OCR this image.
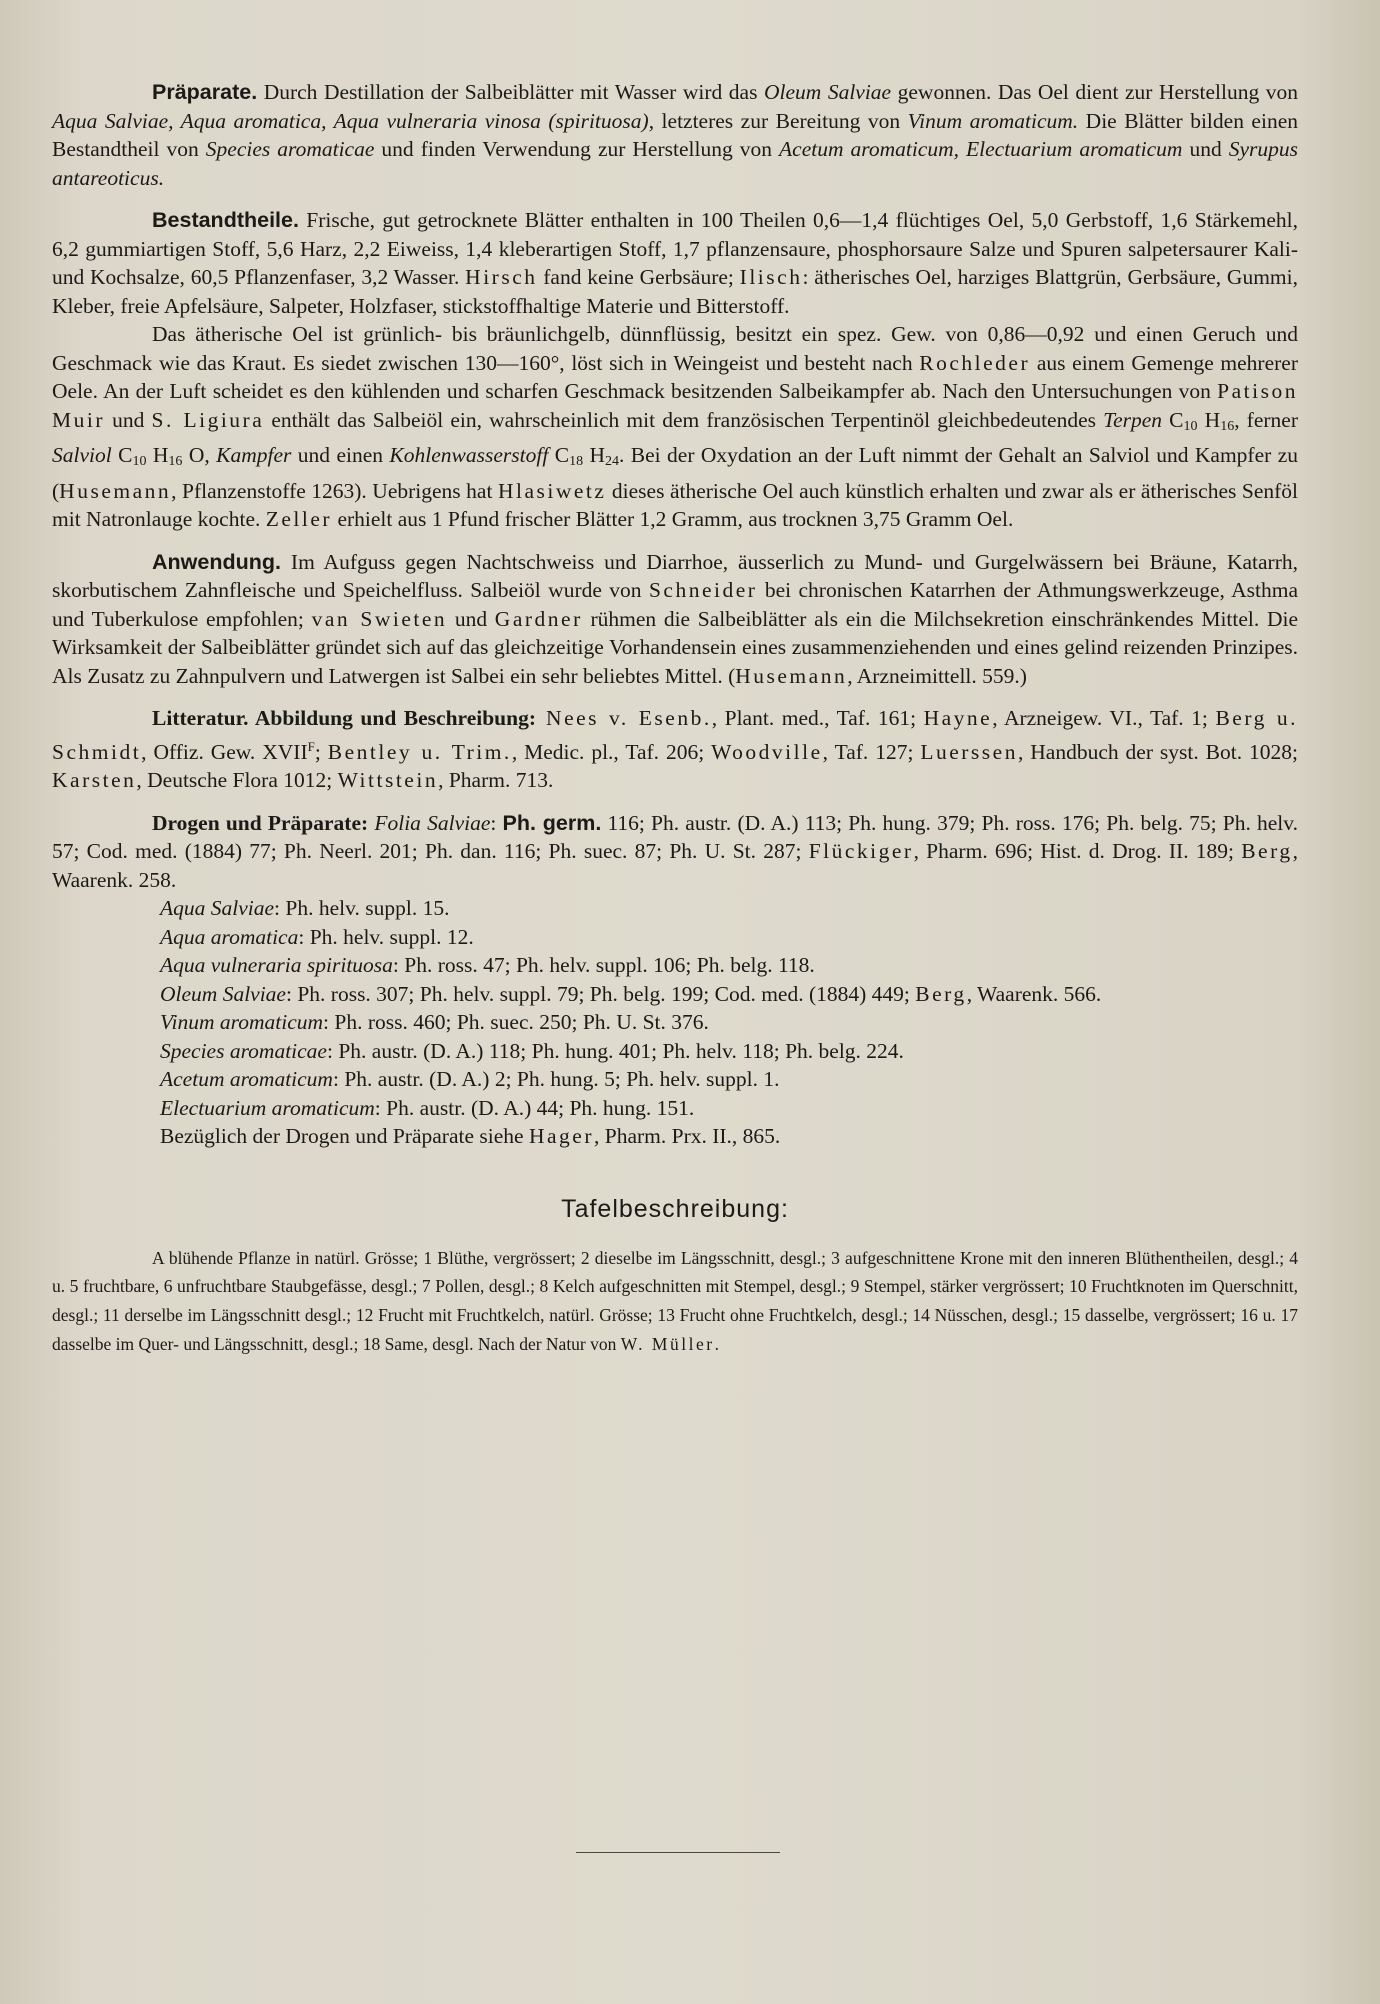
Präparate. Durch Destillation der Salbeiblätter mit Wasser wird das Oleum Salviae gewonnen. Das Oel dient zur Herstellung von Aqua Salviae, Aqua aromatica, Aqua vulneraria vinosa (spirituosa), letzteres zur Bereitung von Vinum aromaticum. Die Blätter bilden einen Bestandtheil von Species aromaticae und finden Verwendung zur Herstellung von Acetum aromaticum, Electuarium aromaticum und Syrupus antareoticus.

Bestandtheile. Frische, gut getrocknete Blätter enthalten in 100 Theilen 0,6—1,4 flüchtiges Oel, 5,0 Gerbstoff, 1,6 Stärkemehl, 6,2 gummiartigen Stoff, 5,6 Harz, 2,2 Eiweiss, 1,4 kleberartigen Stoff, 1,7 pflanzensaure, phosphorsaure Salze und Spuren salpetersaurer Kali- und Kochsalze, 60,5 Pflanzenfaser, 3,2 Wasser. Hirsch fand keine Gerbsäure; Ilisch: ätherisches Oel, harziges Blattgrün, Gerbsäure, Gummi, Kleber, freie Apfelsäure, Salpeter, Holzfaser, stickstoffhaltige Materie und Bitterstoff.

Das ätherische Oel ist grünlich- bis bräunlichgelb, dünnflüssig, besitzt ein spez. Gew. von 0,86—0,92 und einen Geruch und Geschmack wie das Kraut. Es siedet zwischen 130—160°, löst sich in Weingeist und besteht nach Rochleder aus einem Gemenge mehrerer Oele. An der Luft scheidet es den kühlenden und scharfen Geschmack besitzenden Salbeikampfer ab. Nach den Untersuchungen von Patison Muir und S. Ligiura enthält das Salbeiöl ein, wahrscheinlich mit dem französischen Terpentinöl gleichbedeutendes Terpen $C_{10}$ $H_{16}$, ferner Salviol $C_{10}$ $H_{16}$ O, Kampfer und einen Kohlenwasserstoff $C_{18}$ $H_{24}$. Bei der Oxydation an der Luft nimmt der Gehalt an Salviol und Kampfer zu (Husemann, Pflanzenstoffe 1263). Uebrigens hat Hlasiwetz dieses ätherische Oel auch künstlich erhalten und zwar als er ätherisches Senföl mit Natronlauge kochte. Zeller erhielt aus 1 Pfund frischer Blätter 1,2 Gramm, aus trocknen 3,75 Gramm Oel.

Anwendung. Im Aufguss gegen Nachtschweiss und Diarrhoe, äusserlich zu Mund- und Gurgelwässern bei Bräune, Katarrh, skorbutischem Zahnfleische und Speichelfluss. Salbeiöl wurde von Schneider bei chronischen Katarrhen der Athmungswerkzeuge, Asthma und Tuberkulose empfohlen; van Swieten und Gardner rühmen die Salbeiblätter als ein die Milchsekretion einschränkendes Mittel. Die Wirksamkeit der Salbeiblätter gründet sich auf das gleichzeitige Vorhandensein eines zusammenziehenden und eines gelind reizenden Prinzipes. Als Zusatz zu Zahnpulvern und Latwergen ist Salbei ein sehr beliebtes Mittel. (Husemann, Arzneimittell. 559.)

Litteratur. Abbildung und Beschreibung: Nees v. Esenb., Plant. med., Taf. 161; Hayne, Arzneigew. VI., Taf. 1; Berg u. Schmidt, Offiz. Gew. $XVII^F$; Bentley u. Trim., Medic. pl., Taf. 206; Woodville, Taf. 127; Luerssen, Handbuch der syst. Bot. 1028; Karsten, Deutsche Flora 1012; Wittstein, Pharm. 713.

Drogen und Präparate: Folia Salviae: Ph. germ. 116; Ph. austr. (D. A.) 113; Ph. hung. 379; Ph. ross. 176; Ph. belg. 75; Ph. helv. 57; Cod. med. (1884) 77; Ph. Neerl. 201; Ph. dan. 116; Ph. suec. 87; Ph. U. St. 287; Flückiger, Pharm. 696; Hist. d. Drog. II. 189; Berg, Waarenk. 258.

Aqua Salviae: Ph. helv. suppl. 15.

Aqua aromatica: Ph. helv. suppl. 12.

Aqua vulneraria spirituosa: Ph. ross. 47; Ph. helv. suppl. 106; Ph. belg. 118.

Oleum Salviae: Ph. ross. 307; Ph. helv. suppl. 79; Ph. belg. 199; Cod. med. (1884) 449; Berg, Waarenk. 566.

Vinum aromaticum: Ph. ross. 460; Ph. suec. 250; Ph. U. St. 376.

Species aromaticae: Ph. austr. (D. A.) 118; Ph. hung. 401; Ph. helv. 118; Ph. belg. 224.

Acetum aromaticum: Ph. austr. (D. A.) 2; Ph. hung. 5; Ph. helv. suppl. 1.

Electuarium aromaticum: Ph. austr. (D. A.) 44; Ph. hung. 151.

Bezüglich der Drogen und Präparate siehe Hager, Pharm. Prx. II., 865.

Tafelbeschreibung:

A blühende Pflanze in natürl. Grösse; 1 Blüthe, vergrössert; 2 dieselbe im Längsschnitt, desgl.; 3 aufgeschnittene Krone mit den inneren Blüthentheilen, desgl.; 4 u. 5 fruchtbare, 6 unfruchtbare Staubgefässe, desgl.; 7 Pollen, desgl.; 8 Kelch aufgeschnitten mit Stempel, desgl.; 9 Stempel, stärker vergrössert; 10 Fruchtknoten im Querschnitt, desgl.; 11 derselbe im Längsschnitt desgl.; 12 Frucht mit Fruchtkelch, natürl. Grösse; 13 Frucht ohne Fruchtkelch, desgl.; 14 Nüsschen, desgl.; 15 dasselbe, vergrössert; 16 u. 17 dasselbe im Quer- und Längsschnitt, desgl.; 18 Same, desgl. Nach der Natur von W. Müller.
